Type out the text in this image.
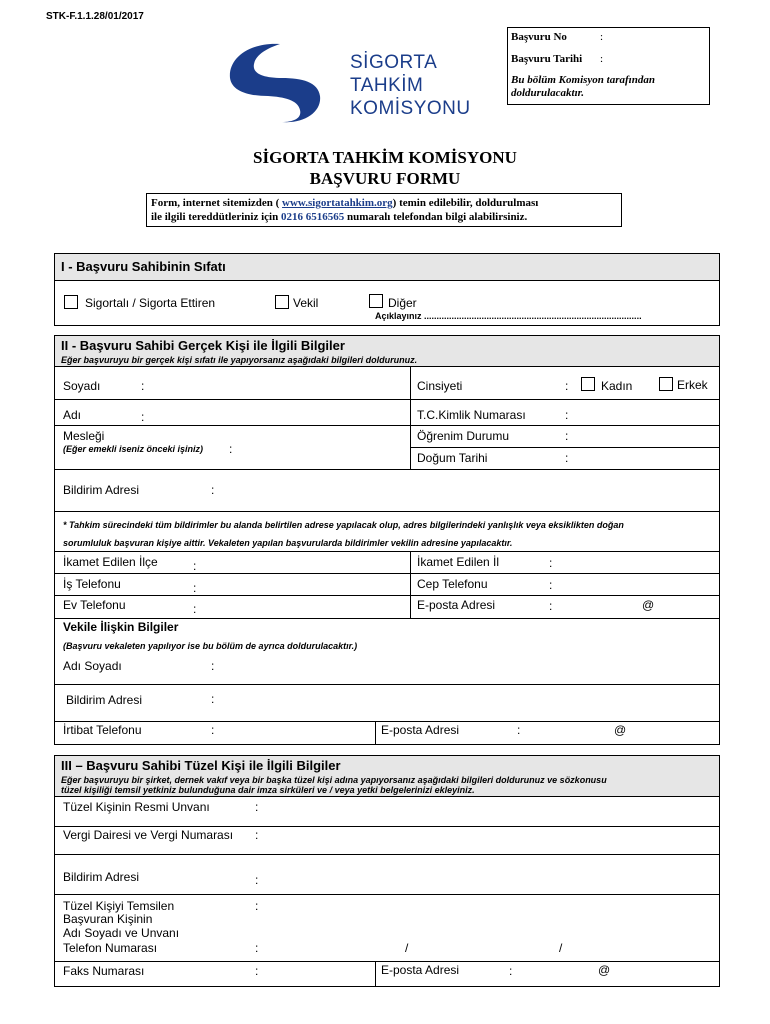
STK-F.1.1.28/01/2017
SİGORTA
TAHKİM
KOMİSYONU
Başvuru No	:
Başvuru Tarihi :
Bu bölüm Komisyon tarafından doldurulacaktır.
SİGORTA TAHKİM KOMİSYONU
BAŞVURU FORMU
Form, internet sitemizden ( www.sigortatahkim.org) temin edilebilir, doldurulması
ile ilgili tereddütleriniz için 0216 6516565 numaralı telefondan bilgi alabilirsiniz.
I - Başvuru Sahibinin Sıfatı
Sigortalı / Sigorta Ettiren	Vekil	Diğer
Açıklayınız .......................................................................................
II - Başvuru Sahibi Gerçek Kişi ile İlgili Bilgiler
Eğer başvuruyu bir gerçek kişi sıfatı ile yapıyorsanız aşağıdaki bilgileri doldurunuz.
Soyadı	:	Cinsiyeti	:	Kadın	Erkek
Adı	:	T.C.Kimlik Numarası	:
Mesleği
(Eğer emekli iseniz önceki işiniz) :
Öğrenim Durumu	:
Doğum Tarihi	:
Bildirim Adresi	:
* Tahkim sürecindeki tüm bildirimler bu alanda belirtilen adrese yapılacak olup, adres bilgilerindeki yanlışlık veya eksiklikten doğan
sorumluluk başvuran kişiye aittir. Vekaleten yapılan başvurularda bildirimler vekilin adresine yapılacaktır.
İkamet Edilen İlçe	:	İkamet Edilen İl	:
İş Telefonu	:	Cep Telefonu	:
Ev Telefonu	:	E-posta Adresi	:	@
Vekile İlişkin Bilgiler
(Başvuru vekaleten yapılıyor ise bu bölüm de ayrıca doldurulacaktır.)
Adı Soyadı	:
Bildirim Adresi	:
İrtibat Telefonu	:	E-posta Adresi	:	@
III – Başvuru Sahibi Tüzel Kişi ile İlgili Bilgiler
Eğer başvuruyu bir şirket, dernek vakıf veya bir başka tüzel kişi adına yapıyorsanız aşağıdaki bilgileri doldurunuz ve sözkonusu
tüzel kişiliği temsil yetkiniz bulunduğuna dair imza sirküleri ve / veya yetki belgelerinizi ekleyiniz.
Tüzel Kişinin Resmi Unvanı	:
Vergi Dairesi ve Vergi Numarası :
Bildirim Adresi	:
Tüzel Kişiyi Temsilen
Başvuran Kişinin
Adı Soyadı ve Unvanı
:
Telefon Numarası	:	/	/
Faks Numarası	:	E-posta Adresi	:	@
